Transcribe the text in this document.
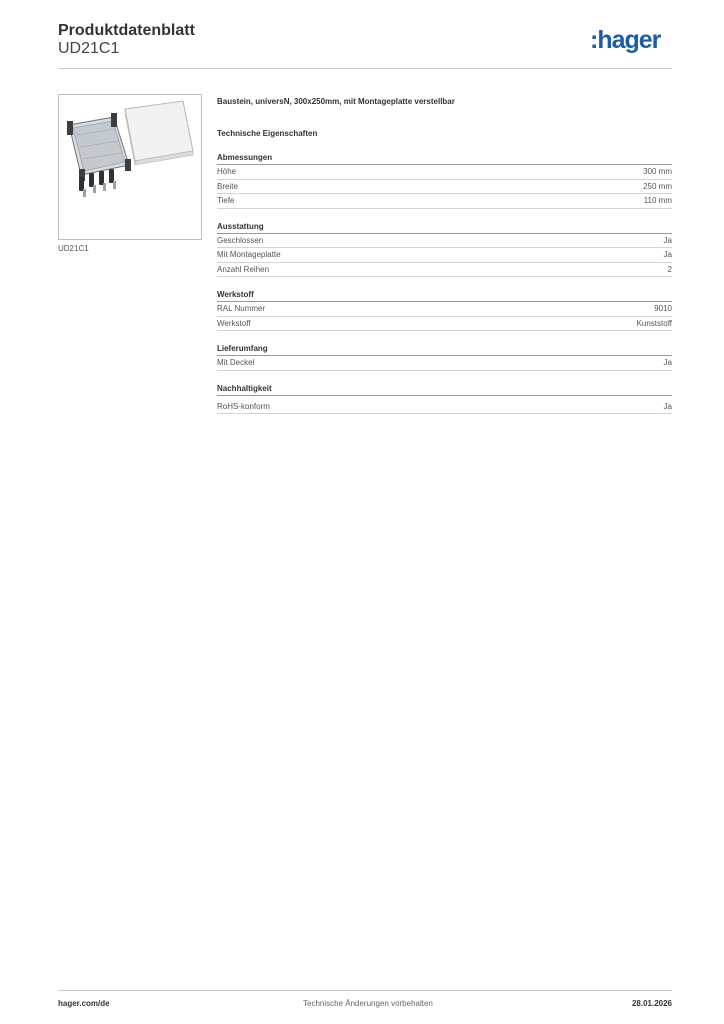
Produktdatenblatt
UD21C1	:hager
UD21C1
Baustein, universN, 300x250mm, mit Montageplatte verstellbar
Technische Eigenschaften
Abmessungen
Höhe	300 mm
Breite	250 mm
Tiefe	110 mm
Ausstattung
Geschlossen	Ja
Mit Montageplatte	Ja
Anzahl Reihen	2
Werkstoff
RAL Nummer	9010
Werkstoff	Kunststoff
Lieferumfang
Mit Deckel	Ja
Nachhaltigkeit
RoHS-konform	Ja
hager.com/de	Technische Änderungen vorbehalten	28.01.2026
